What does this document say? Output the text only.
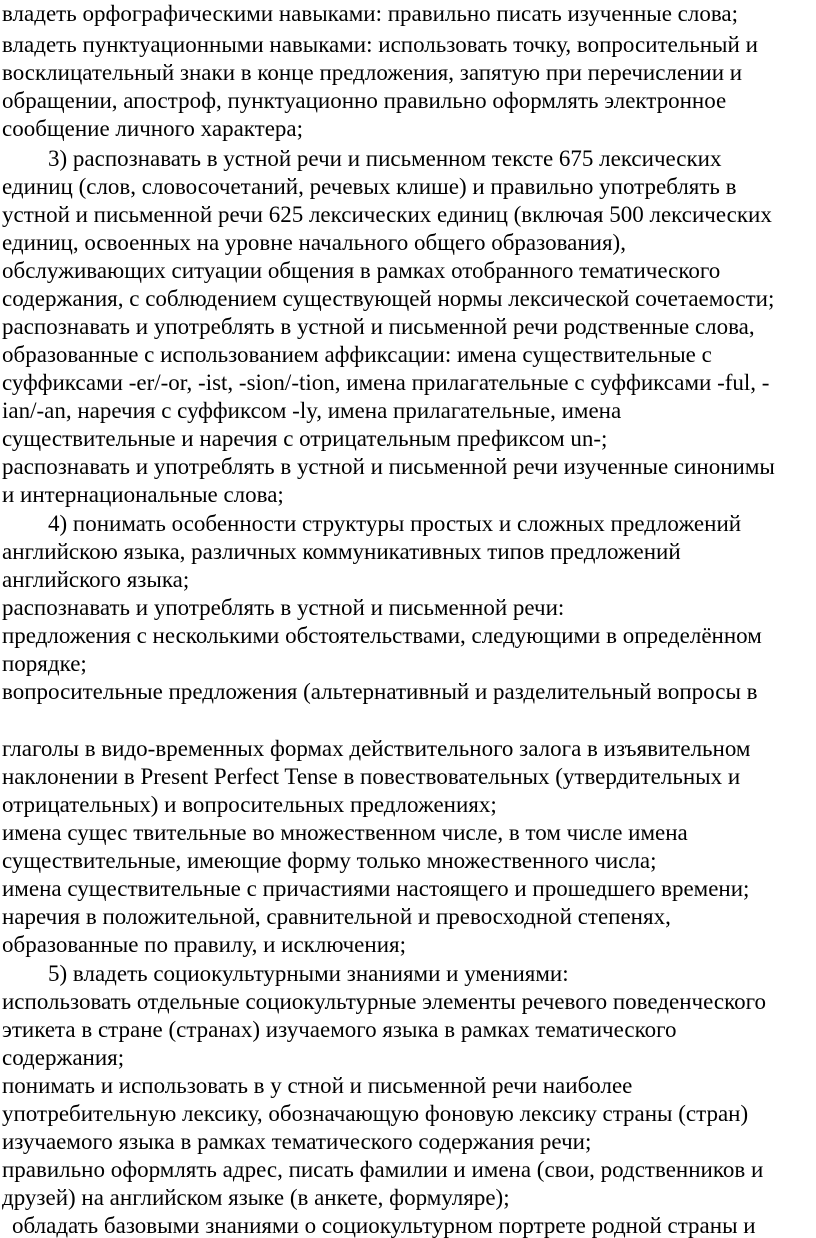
владеть орфографическими навыками: правильно писать изученные слова;
владеть пунктуационными навыками: использовать точку, вопросительный и
восклицательный знаки в конце предложения, запятую при перечислении и
обращении, апостроф, пунктуационно правильно оформлять электронное
сообщение личного характера;
3) распознавать в устной речи и письменном тексте 675 лексических
единиц (слов, словосочетаний, речевых клише) и правильно употреблять в
устной и письменной речи 625 лексических единиц (включая 500 лексических
единиц, освоенных на уровне начального общего образования),
обслуживающих ситуации общения в рамках отобранного тематического
содержания, с соблюдением существующей нормы лексической сочетаемости;
распознавать и употреблять в устной и письменной речи родственные слова,
образованные с использованием аффиксации: имена существительные с
суффиксами -er/-or, -ist, -sion/-tion, имена прилагательные с суффиксами -ful, -
ian/-an, наречия с суффиксом -ly, имена прилагательные, имена
существительные и наречия с отрицательным префиксом un-;
распознавать и употреблять в устной и письменной речи изученные синонимы
и интернациональные слова;
4) понимать особенности структуры простых и сложных предложений
английскою языка, различных коммуникативных типов предложений
английского языка;
распознавать и употреблять в устной и письменной речи:
предложения с несколькими обстоятельствами, следующими в определённом
порядке;
вопросительные предложения (альтернативный и разделительный вопросы в
глаголы в видо-временных формах действительного залога в изъявительном
наклонении в Present Perfect Tense в повествовательных (утвердительных и
отрицательных) и вопросительных предложениях;
имена сущес твительные во множественном числе, в том числе имена
существительные, имеющие форму только множественного числа;
имена существительные с причастиями настоящего и прошедшего времени;
наречия в положительной, сравнительной и превосходной степенях,
образованные по правилу, и исключения;
5) владеть социокультурными знаниями и умениями:
использовать отдельные социокультурные элементы речевого поведенческого
этикета в стране (странах) изучаемого языка в рамках тематического
содержания;
понимать и использовать в у стной и письменной речи наиболее
употребительную лексику, обозначающую фоновую лексику страны (стран)
изучаемого языка в рамках тематического содержания речи;
правильно оформлять адрес, писать фамилии и имена (свои, родственников и
друзей) на английском языке (в анкете, формуляре);
обладать базовыми знаниями о социокультурном портрете родной страны и
